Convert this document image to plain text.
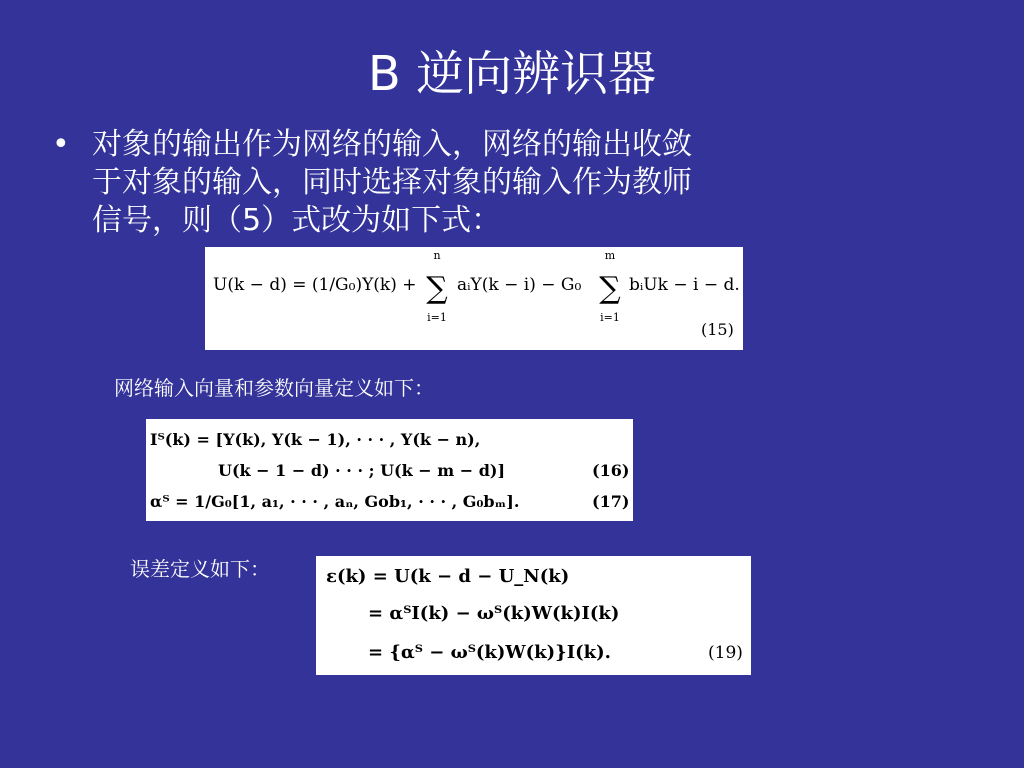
B 逆向辨识器
• 对象的输出作为网络的输入，网络的输出收敛
于对象的输入，同时选择对象的输入作为教师
信号，则（5）式改为如下式：
U(k − d) = (1/G₀)Y(k) +
n
∑
i=1
aᵢY(k − i) − G₀
m
∑
i=1
bᵢUk − i − d.
(15)
网络输入向量和参数向量定义如下：
Iᵀ(k) = [Y(k), Y(k − 1), · · · , Y(k − n),
U(k − 1 − d) · · · ; U(k − m − d)]	(16)
αᵀ = 1/G₀[1, a₁, · · · , aₙ, Gob₁, · · · , G₀bₘ].	(17)
误差定义如下：	ε(k) = U(k − d − U_N(k)
= αᵀI(k) − ωᵀ(k)W(k)I(k)
= {αᵀ − ωᵀ(k)W(k)}I(k).	(19)
